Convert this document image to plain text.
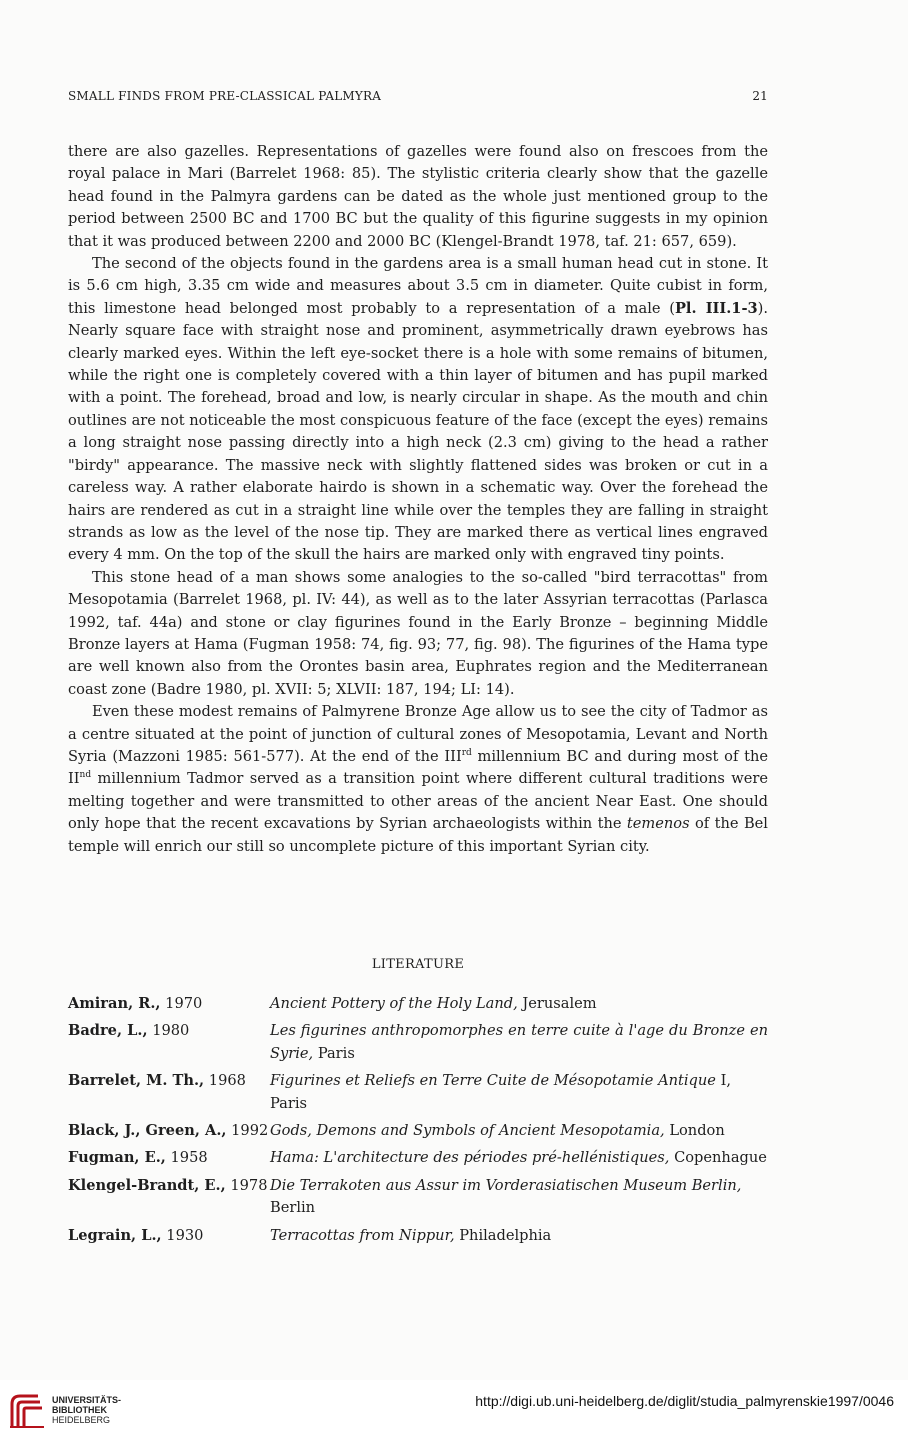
SMALL FINDS FROM PRE-CLASSICAL PALMYRA	21

there are also gazelles. Representations of gazelles were found also on frescoes from the royal palace in Mari (Barrelet 1968: 85). The stylistic criteria clearly show that the gazelle head found in the Palmyra gardens can be dated as the whole just mentioned group to the period between 2500 BC and 1700 BC but the quality of this figurine suggests in my opinion that it was produced between 2200 and 2000 BC (Klengel-Brandt 1978, taf. 21: 657, 659).

The second of the objects found in the gardens area is a small human head cut in stone. It is 5.6 cm high, 3.35 cm wide and measures about 3.5 cm in diameter. Quite cubist in form, this limestone head belonged most probably to a representation of a male (Pl. III.1-3). Nearly square face with straight nose and prominent, asymmetrically drawn eyebrows has clearly marked eyes. Within the left eye-socket there is a hole with some remains of bitumen, while the right one is completely covered with a thin layer of bitumen and has pupil marked with a point. The forehead, broad and low, is nearly circular in shape. As the mouth and chin outlines are not noticeable the most conspicuous feature of the face (except the eyes) remains a long straight nose passing directly into a high neck (2.3 cm) giving to the head a rather "birdy" appearance. The massive neck with slightly flattened sides was broken or cut in a careless way. A rather elaborate hairdo is shown in a schematic way. Over the forehead the hairs are rendered as cut in a straight line while over the temples they are falling in straight strands as low as the level of the nose tip. They are marked there as vertical lines engraved every 4 mm. On the top of the skull the hairs are marked only with engraved tiny points.

This stone head of a man shows some analogies to the so-called "bird terracottas" from Mesopotamia (Barrelet 1968, pl. IV: 44), as well as to the later Assyrian terracottas (Parlasca 1992, taf. 44a) and stone or clay figurines found in the Early Bronze – beginning Middle Bronze layers at Hama (Fugman 1958: 74, fig. 93; 77, fig. 98). The figurines of the Hama type are well known also from the Orontes basin area, Euphrates region and the Mediterranean coast zone (Badre 1980, pl. XVII: 5; XLVII: 187, 194; LI: 14).

Even these modest remains of Palmyrene Bronze Age allow us to see the city of Tadmor as a centre situated at the point of junction of cultural zones of Mesopotamia, Levant and North Syria (Mazzoni 1985: 561-577). At the end of the IIIrd millennium BC and during most of the IInd millennium Tadmor served as a transition point where different cultural traditions were melting together and were transmitted to other areas of the ancient Near East. One should only hope that the recent excavations by Syrian archaeologists within the temenos of the Bel temple will enrich our still so uncomplete picture of this important Syrian city.

LITERATURE
Amiran, R., 1970	Ancient Pottery of the Holy Land, Jerusalem
Badre, L., 1980	Les figurines anthropomorphes en terre cuite à l'age du Bronze en Syrie, Paris
Barrelet, M. Th., 1968	Figurines et Reliefs en Terre Cuite de Mésopotamie Antique I, Paris
Black, J., Green, A., 1992 Gods, Demons and Symbols of Ancient Mesopotamia, London
Fugman, E., 1958	Hama: L'architecture des périodes pré-hellénistiques, Copenhague
Klengel-Brandt, E., 1978 Die Terrakoten aus Assur im Vorderasiatischen Museum Berlin, Berlin
Legrain, L., 1930	Terracottas from Nippur, Philadelphia
UNIVERSITÄTS-
BIBLIOTHEK
HEIDELBERG
http://digi.ub.uni-heidelberg.de/diglit/studia_palmyrenskie1997/0046
